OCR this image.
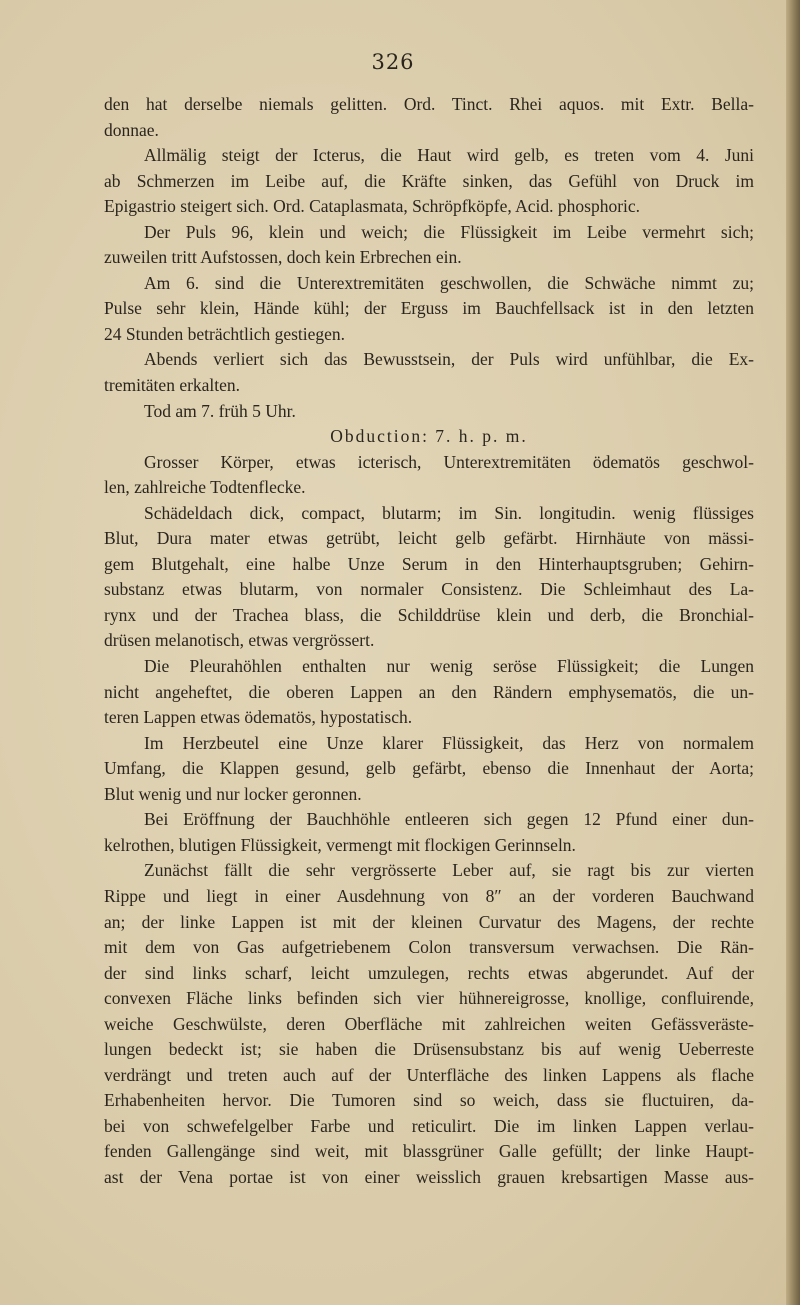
326
den hat derselbe niemals gelitten. Ord. Tinct. Rhei aquos. mit Extr. Bella-
donnae.
Allmälig steigt der Icterus, die Haut wird gelb, es treten vom 4. Juni
ab Schmerzen im Leibe auf, die Kräfte sinken, das Gefühl von Druck im
Epigastrio steigert sich. Ord. Cataplasmata, Schröpfköpfe, Acid. phosphoric.
Der Puls 96, klein und weich; die Flüssigkeit im Leibe vermehrt sich;
zuweilen tritt Aufstossen, doch kein Erbrechen ein.
Am 6. sind die Unterextremitäten geschwollen, die Schwäche nimmt zu;
Pulse sehr klein, Hände kühl; der Erguss im Bauchfellsack ist in den letzten
24 Stunden beträchtlich gestiegen.
Abends verliert sich das Bewusstsein, der Puls wird unfühlbar, die Ex-
tremitäten erkalten.
Tod am 7. früh 5 Uhr.
Obduction: 7. h. p. m.
Grosser Körper, etwas icterisch, Unterextremitäten ödematös geschwol-
len, zahlreiche Todtenflecke.
Schädeldach dick, compact, blutarm; im Sin. longitudin. wenig flüssiges
Blut, Dura mater etwas getrübt, leicht gelb gefärbt. Hirnhäute von mässi-
gem Blutgehalt, eine halbe Unze Serum in den Hinterhauptsgruben; Gehirn-
substanz etwas blutarm, von normaler Consistenz. Die Schleimhaut des La-
rynx und der Trachea blass, die Schilddrüse klein und derb, die Bronchial-
drüsen melanotisch, etwas vergrössert.
Die Pleurahöhlen enthalten nur wenig seröse Flüssigkeit; die Lungen
nicht angeheftet, die oberen Lappen an den Rändern emphysematös, die un-
teren Lappen etwas ödematös, hypostatisch.
Im Herzbeutel eine Unze klarer Flüssigkeit, das Herz von normalem
Umfang, die Klappen gesund, gelb gefärbt, ebenso die Innenhaut der Aorta;
Blut wenig und nur locker geronnen.
Bei Eröffnung der Bauchhöhle entleeren sich gegen 12 Pfund einer dun-
kelrothen, blutigen Flüssigkeit, vermengt mit flockigen Gerinnseln.
Zunächst fällt die sehr vergrösserte Leber auf, sie ragt bis zur vierten
Rippe und liegt in einer Ausdehnung von 8″ an der vorderen Bauchwand
an; der linke Lappen ist mit der kleinen Curvatur des Magens, der rechte
mit dem von Gas aufgetriebenem Colon transversum verwachsen. Die Rän-
der sind links scharf, leicht umzulegen, rechts etwas abgerundet. Auf der
convexen Fläche links befinden sich vier hühnereigrosse, knollige, confluirende,
weiche Geschwülste, deren Oberfläche mit zahlreichen weiten Gefässveräste-
lungen bedeckt ist; sie haben die Drüsensubstanz bis auf wenig Ueberreste
verdrängt und treten auch auf der Unterfläche des linken Lappens als flache
Erhabenheiten hervor. Die Tumoren sind so weich, dass sie fluctuiren, da-
bei von schwefelgelber Farbe und reticulirt. Die im linken Lappen verlau-
fenden Gallengänge sind weit, mit blassgrüner Galle gefüllt; der linke Haupt-
ast der Vena portae ist von einer weisslich grauen krebsartigen Masse aus-
